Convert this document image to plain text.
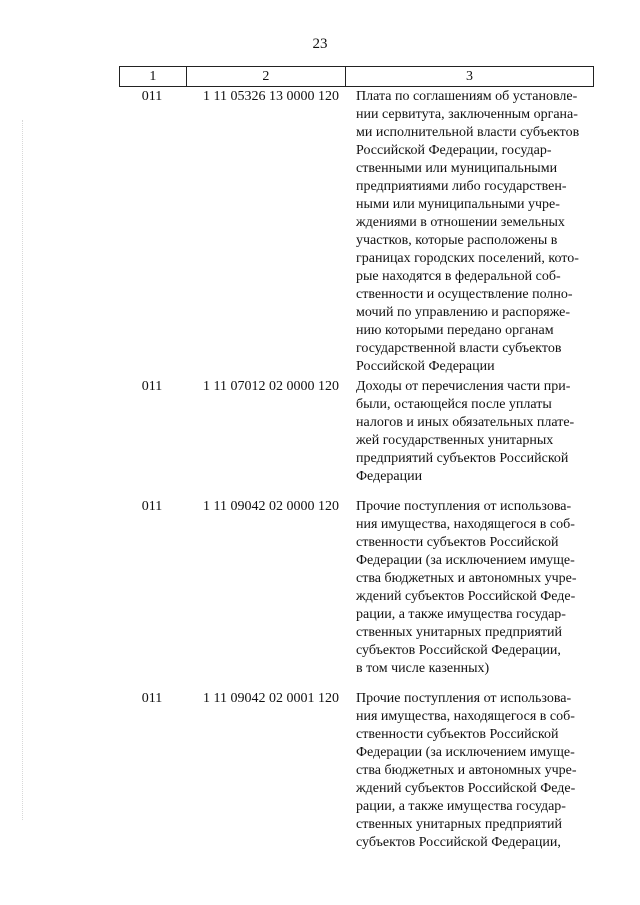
23
1	2	3
011	1 11 05326 13 0000 120	Плата по соглашениям об установле-
нии сервитута, заключенным органа-
ми исполнительной власти субъектов
Российской Федерации, государ-
ственными или муниципальными
предприятиями либо государствен-
ными или муниципальными учре-
ждениями в отношении земельных
участков, которые расположены в
границах городских поселений, кото-
рые находятся в федеральной соб-
ственности и осуществление полно-
мочий по управлению и распоряже-
нию которыми передано органам
государственной власти субъектов
Российской Федерации
011	1 11 07012 02 0000 120	Доходы от перечисления части при-
были, остающейся после уплаты
налогов и иных обязательных плате-
жей государственных унитарных
предприятий субъектов Российской
Федерации
011	1 11 09042 02 0000 120	Прочие поступления от использова-
ния имущества, находящегося в соб-
ственности субъектов Российской
Федерации (за исключением имуще-
ства бюджетных и автономных учре-
ждений субъектов Российской Феде-
рации, а также имущества государ-
ственных унитарных предприятий
субъектов Российской Федерации,
в том числе казенных)
011	1 11 09042 02 0001 120	Прочие поступления от использова-
ния имущества, находящегося в соб-
ственности субъектов Российской
Федерации (за исключением имуще-
ства бюджетных и автономных учре-
ждений субъектов Российской Феде-
рации, а также имущества государ-
ственных унитарных предприятий
субъектов Российской Федерации,
